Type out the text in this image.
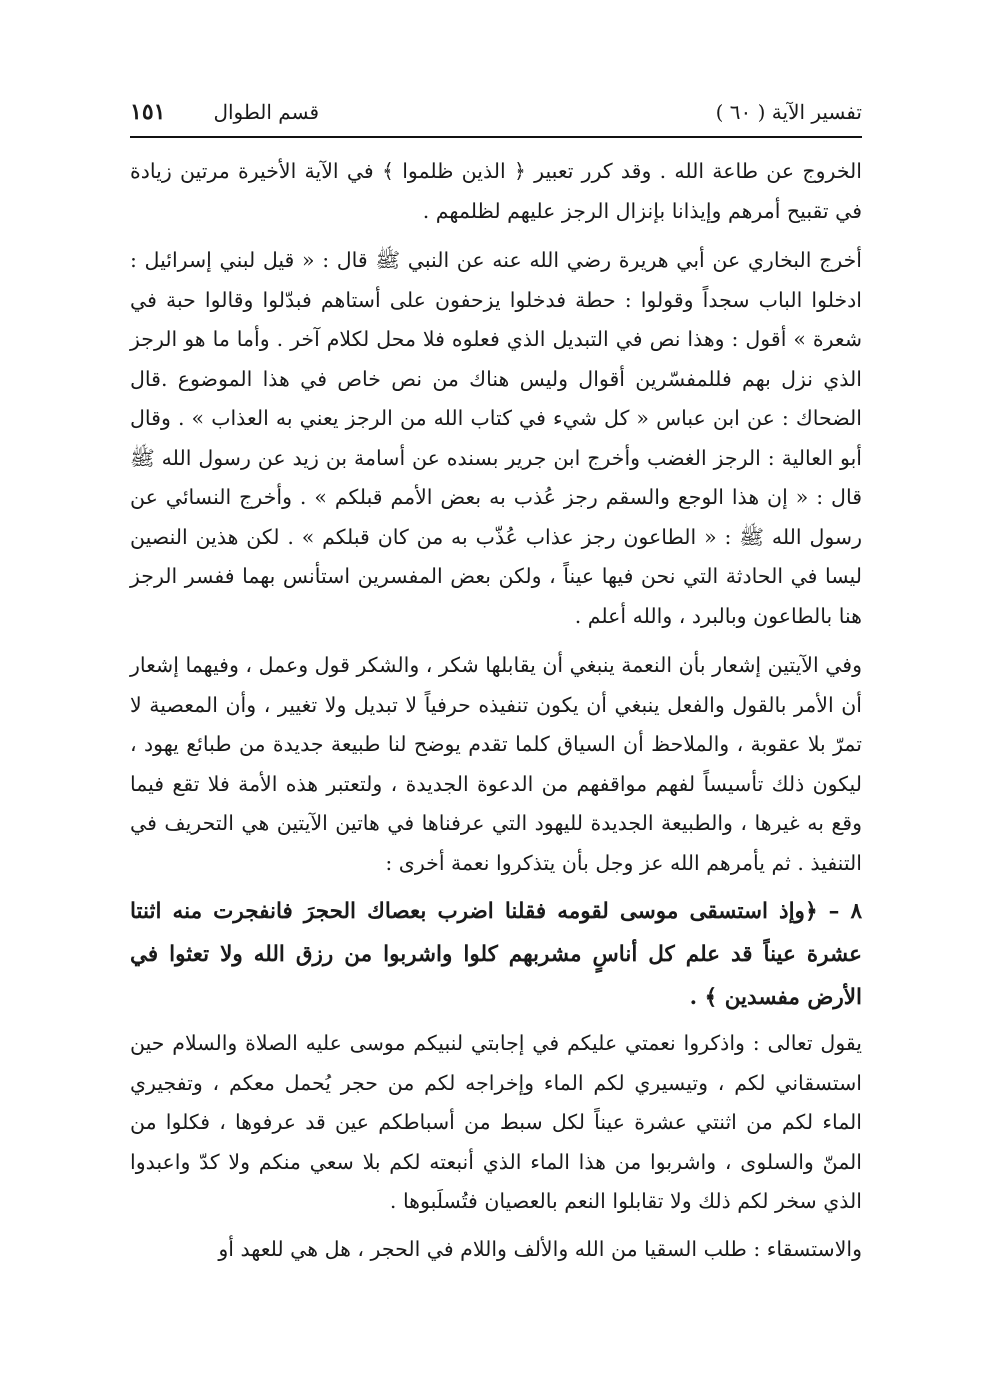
تفسير الآية ( ٦٠ )
قسم الطوال
١٥١

الخروج عن طاعة الله . وقد كرر تعبير ﴿ الذين ظلموا ﴾ في الآية الأخيرة مرتين زيادة في تقبيح أمرهم وإيذانا بإنزال الرجز عليهم لظلمهم .

أخرج البخاري عن أبي هريرة رضي الله عنه عن النبي ﷺ قال : « قيل لبني إسرائيل : ادخلوا الباب سجداً وقولوا : حطة فدخلوا يزحفون على أستاهم فبدّلوا وقالوا حبة في شعرة » أقول : وهذا نص في التبديل الذي فعلوه فلا محل لكلام آخر . وأما ما هو الرجز الذي نزل بهم فللمفسّرين أقوال وليس هناك من نص خاص في هذا الموضوع .قال الضحاك : عن ابن عباس « كل شيء في كتاب الله من الرجز يعني به العذاب » . وقال أبو العالية : الرجز الغضب وأخرج ابن جرير بسنده عن أسامة بن زيد عن رسول الله ﷺ قال : « إن هذا الوجع والسقم رجز عُذب به بعض الأمم قبلكم » . وأخرج النسائي عن رسول الله ﷺ : « الطاعون رجز عذاب عُذّب به من كان قبلكم » . لكن هذين النصين ليسا في الحادثة التي نحن فيها عيناً ، ولكن بعض المفسرين استأنس بهما ففسر الرجز هنا بالطاعون وبالبرد ، والله أعلم .

وفي الآيتين إشعار بأن النعمة ينبغي أن يقابلها شكر ، والشكر قول وعمل ، وفيهما إشعار أن الأمر بالقول والفعل ينبغي أن يكون تنفيذه حرفياً لا تبديل ولا تغيير ، وأن المعصية لا تمرّ بلا عقوبة ، والملاحظ أن السياق كلما تقدم يوضح لنا طبيعة جديدة من طبائع يهود ، ليكون ذلك تأسيساً لفهم مواقفهم من الدعوة الجديدة ، ولتعتبر هذه الأمة فلا تقع فيما وقع به غيرها ، والطبيعة الجديدة لليهود التي عرفناها في هاتين الآيتين هي التحريف في التنفيذ . ثم يأمرهم الله عز وجل بأن يتذكروا نعمة أخرى :

٨ – ﴿وإذ استسقى موسى لقومه فقلنا اضرب بعصاك الحجرَ فانفجرت منه اثنتا عشرة عيناً قد علم كل أناسٍ مشربهم كلوا واشربوا من رزق الله ولا تعثوا في الأرض مفسدين ﴾ .

يقول تعالى : واذكروا نعمتي عليكم في إجابتي لنبيكم موسى عليه الصلاة والسلام حين استسقاني لكم ، وتيسيري لكم الماء وإخراجه لكم من حجر يُحمل معكم ، وتفجيري الماء لكم من اثنتي عشرة عيناً لكل سبط من أسباطكم عين قد عرفوها ، فكلوا من المنّ والسلوى ، واشربوا من هذا الماء الذي أنبعته لكم بلا سعي منكم ولا كدّ واعبدوا الذي سخر لكم ذلك ولا تقابلوا النعم بالعصيان فتُسلَبوها .

والاستسقاء : طلب السقيا من الله والألف واللام في الحجر ، هل هي للعهد أو
